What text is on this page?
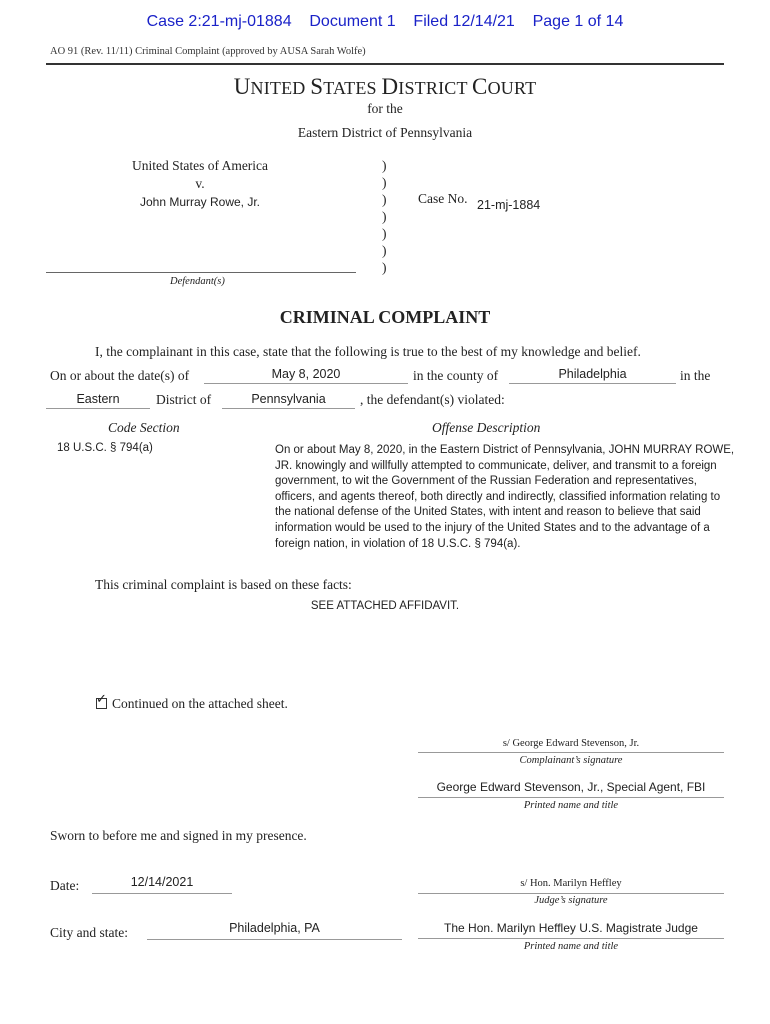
Case 2:21-mj-01884 Document 1 Filed 12/14/21 Page 1 of 14
AO 91 (Rev. 11/11) Criminal Complaint (approved by AUSA Sarah Wolfe)
UNITED STATES DISTRICT COURT
for the
Eastern District of Pennsylvania
United States of America
v.
John Murray Rowe, Jr.
Defendant(s)
)
)
)
)
)
)
)
Case No. 21-mj-1884
CRIMINAL COMPLAINT
I, the complainant in this case, state that the following is true to the best of my knowledge and belief.
On or about the date(s) of	May 8, 2020	in the county of	Philadelphia	in the
Eastern	District of	Pennsylvania	, the defendant(s) violated:
Code Section	Offense Description
18 U.S.C. § 794(a)	On or about May 8, 2020, in the Eastern District of Pennsylvania, JOHN MURRAY ROWE, JR. knowingly and willfully attempted to communicate, deliver, and transmit to a foreign government, to wit the Government of the Russian Federation and representatives, officers, and agents thereof, both directly and indirectly, classified information relating to the national defense of the United States, with intent and reason to believe that said information would be used to the injury of the United States and to the advantage of a foreign nation, in violation of 18 U.S.C. § 794(a).
This criminal complaint is based on these facts:
SEE ATTACHED AFFIDAVIT.
✓ Continued on the attached sheet.
s/ George Edward Stevenson, Jr.
Complainant’s signature
George Edward Stevenson, Jr., Special Agent, FBI
Printed name and title
Sworn to before me and signed in my presence.
Date:	12/14/2021	s/ Hon. Marilyn Heffley
Judge’s signature
City and state:	Philadelphia, PA	The Hon. Marilyn Heffley U.S. Magistrate Judge
Printed name and title
